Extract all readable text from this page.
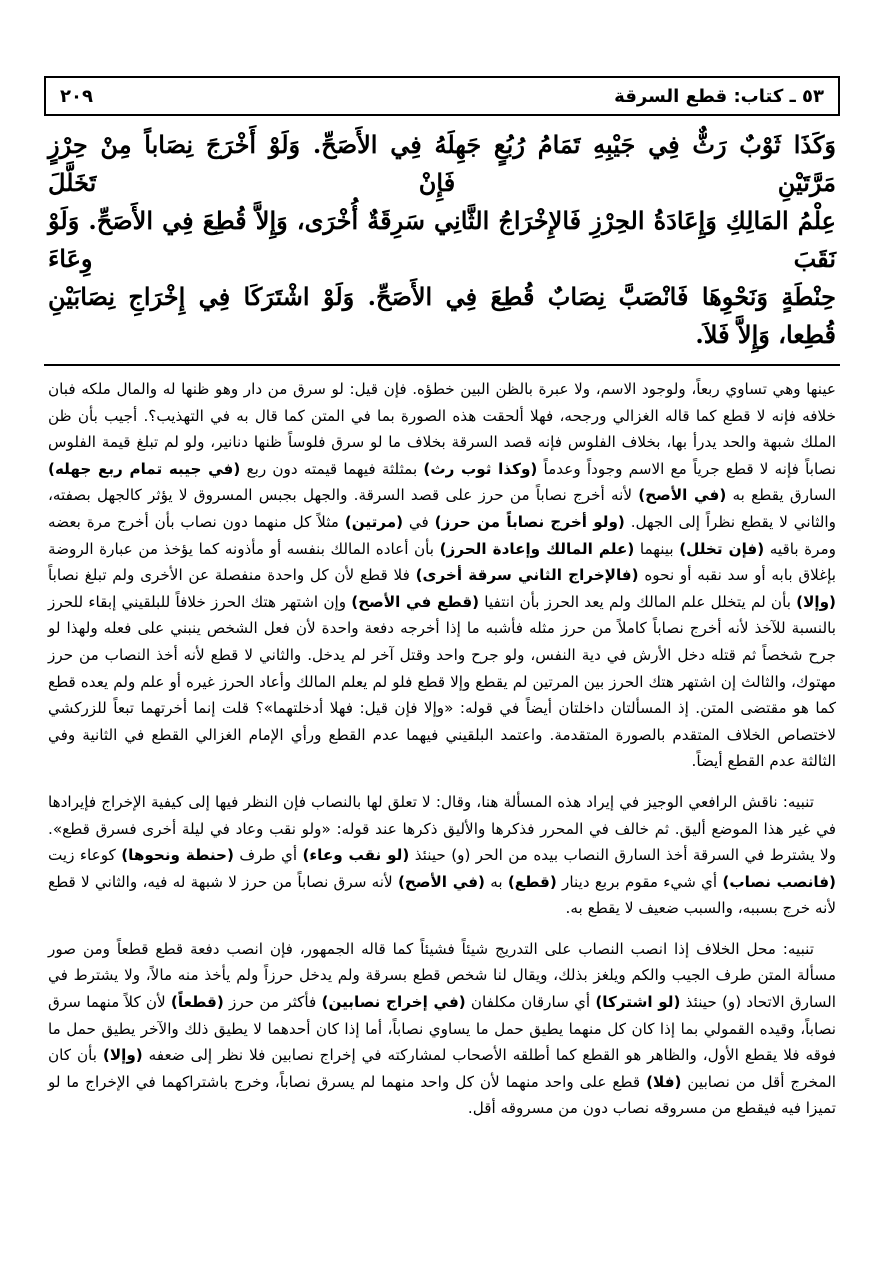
٥٣ ـ كتاب: قطع السرقة
٢٠٩
وَكَذَا ثَوْبٌ رَثٌّ فِي جَيْبِهِ تَمَامُ رُبُعٍ جَهِلَهُ فِي الأَصَحِّ. وَلَوْ أَخْرَجَ نِصَاباً مِنْ حِرْزٍ مَرَّتَيْنِ فَإِنْ تَخَلَّلَ
عِلْمُ المَالِكِ وَإِعَادَةُ الحِرْزِ فَالإِخْرَاجُ الثَّانِي سَرِقَةٌ أُخْرَى، وَإِلاَّ قُطِعَ فِي الأَصَحِّ. وَلَوْ نَقَبَ وِعَاءَ
حِنْطَةٍ وَنَحْوِهَا فَانْصَبَّ نِصَابٌ قُطِعَ فِي الأَصَحِّ. وَلَوْ اشْتَرَكَا فِي إِخْرَاجِ نِصَابَيْنِ قُطِعا، وَإِلاَّ فَلاَ.

عينها وهي تساوي ربعاً، ولوجود الاسم، ولا عبرة بالظن البين خطؤه. فإن قيل: لو سرق من دار وهو ظنها له والمال ملكه فبان خلافه فإنه لا قطع كما قاله الغزالي ورجحه، فهلا ألحقت هذه الصورة بما في المتن كما قال به في التهذيب؟. أجيب بأن ظن الملك شبهة والحد يدرأ بها، بخلاف الفلوس فإنه قصد السرقة بخلاف ما لو سرق فلوساً ظنها دنانير، ولو لم تبلغ قيمة الفلوس نصاباً فإنه لا قطع جرياً مع الاسم وجوداً وعدماً (وكذا ثوب رث) بمثلثة فيهما قيمته دون ربع (في جيبه تمام ربع جهله) السارق يقطع به (في الأصح) لأنه أخرج نصاباً من حرز على قصد السرقة. والجهل بجبس المسروق لا يؤثر كالجهل بصفته، والثاني لا يقطع نظراً إلى الجهل. (ولو أخرج نصاباً من حرز) في (مرتين) مثلاً كل منهما دون نصاب بأن أخرج مرة بعضه ومرة باقيه (فإن تخلل) بينهما (علم المالك وإعادة الحرز) بأن أعاده المالك بنفسه أو مأذونه كما يؤخذ من عبارة الروضة بإغلاق بابه أو سد نقبه أو نحوه (فالإخراج الثاني سرقة أخرى) فلا قطع لأن كل واحدة منفصلة عن الأخرى ولم تبلغ نصاباً (وإلا) بأن لم يتخلل علم المالك ولم يعد الحرز بأن انتفيا (قطع في الأصح) وإن اشتهر هتك الحرز خلافاً للبلقيني إبقاء للحرز بالنسبة للآخذ لأنه أخرج نصاباً كاملاً من حرز مثله فأشبه ما إذا أخرجه دفعة واحدة لأن فعل الشخص ينبني على فعله ولهذا لو جرح شخصاً ثم قتله دخل الأرش في دية النفس، ولو جرح واحد وقتل آخر لم يدخل. والثاني لا قطع لأنه أخذ النصاب من حرز مهتوك، والثالث إن اشتهر هتك الحرز بين المرتين لم يقطع وإلا قطع فلو لم يعلم المالك وأعاد الحرز غيره أو علم ولم يعده قطع كما هو مقتضى المتن. إذ المسألتان داخلتان أيضاً في قوله: «وإلا فإن قيل: فهلا أدخلتهما»؟ قلت إنما أخرتهما تبعاً للزركشي لاختصاص الخلاف المتقدم بالصورة المتقدمة. واعتمد البلقيني فيهما عدم القطع ورأي الإمام الغزالي القطع في الثانية وفي الثالثة عدم القطع أيضاً.

تنبيه: ناقش الرافعي الوجيز في إيراد هذه المسألة هنا، وقال: لا تعلق لها بالنصاب فإن النظر فيها إلى كيفية الإخراج فإيرادها في غير هذا الموضع أليق. ثم خالف في المحرر فذكرها والأليق ذكرها عند قوله: «ولو نقب وعاد في ليلة أخرى فسرق قطع». ولا يشترط في السرقة أخذ السارق النصاب بيده من الحر (و) حينئذ (لو نقب وعاء) أي طرف (حنطة ونحوها) كوعاء زيت (فانصب نصاب) أي شيء مقوم بربع دينار (قطع) به (في الأصح) لأنه سرق نصاباً من حرز لا شبهة له فيه، والثاني لا قطع لأنه خرج بسببه، والسبب ضعيف لا يقطع به.

تنبيه: محل الخلاف إذا انصب النصاب على التدريج شيئاً فشيئاً كما قاله الجمهور، فإن انصب دفعة قطع قطعاً ومن صور مسألة المتن طرف الجيب والكم ويلغز بذلك، ويقال لنا شخص قطع بسرقة ولم يدخل حرزاً ولم يأخذ منه مالاً، ولا يشترط في السارق الاتحاد (و) حينئذ (لو اشتركا) أي سارقان مكلفان (في إخراج نصابين) فأكثر من حرز (قطعاً) لأن كلاً منهما سرق نصاباً، وقيده القمولي بما إذا كان كل منهما يطيق حمل ما يساوي نصاباً، أما إذا كان أحدهما لا يطيق ذلك والآخر يطيق حمل ما فوقه فلا يقطع الأول، والظاهر هو القطع كما أطلقه الأصحاب لمشاركته في إخراج نصابين فلا نظر إلى ضعفه (وإلا) بأن كان المخرج أقل من نصابين (فلا) قطع على واحد منهما لأن كل واحد منهما لم يسرق نصاباً، وخرج باشتراكهما في الإخراج ما لو تميزا فيه فيقطع من مسروقه نصاب دون من مسروقه أقل.
